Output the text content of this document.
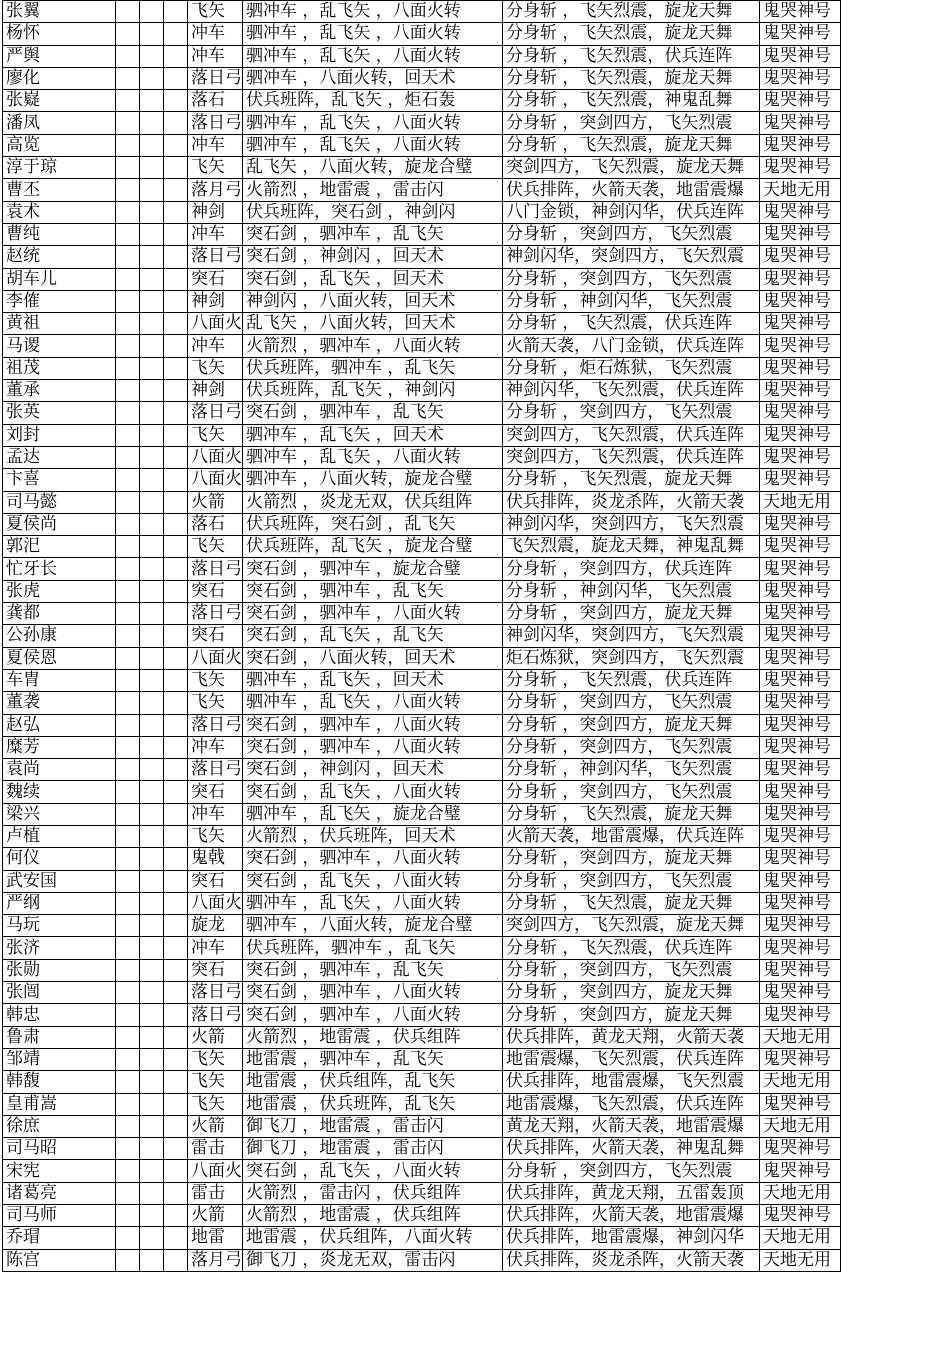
张翼				飞矢	驷冲车 ，乱飞矢 ，八面火转	分身斩 ，飞矢烈震，旋龙天舞	鬼哭神号
杨怀				冲车	驷冲车 ，乱飞矢 ，八面火转	分身斩 ，飞矢烈震，旋龙天舞	鬼哭神号
严舆				冲车	驷冲车 ，乱飞矢 ，八面火转	分身斩 ，飞矢烈震，伏兵连阵	鬼哭神号
廖化				落日弓	驷冲车 ，八面火转，回天术	分身斩 ，飞矢烈震，旋龙天舞	鬼哭神号
张嶷				落石	伏兵班阵，乱飞矢 ，炬石轰	分身斩 ，飞矢烈震，神鬼乱舞	鬼哭神号
潘凤				落日弓	驷冲车 ，乱飞矢 ，八面火转	分身斩 ，突剑四方，飞矢烈震	鬼哭神号
高览				冲车	驷冲车 ，乱飞矢 ，八面火转	分身斩 ，飞矢烈震，旋龙天舞	鬼哭神号
淳于琼				飞矢	乱飞矢 ，八面火转，旋龙合璧	突剑四方，飞矢烈震，旋龙天舞	鬼哭神号
曹丕				落月弓	火箭烈 ，地雷震 ，雷击闪	伏兵排阵，火箭天袭，地雷震爆	天地无用
袁术				神剑	伏兵班阵，突石剑 ，神剑闪	八门金锁，神剑闪华，伏兵连阵	鬼哭神号
曹纯				冲车	突石剑 ，驷冲车 ，乱飞矢	分身斩 ，突剑四方，飞矢烈震	鬼哭神号
赵统				落日弓	突石剑 ，神剑闪 ，回天术	神剑闪华，突剑四方，飞矢烈震	鬼哭神号
胡车儿				突石	突石剑 ，乱飞矢 ，回天术	分身斩 ，突剑四方，飞矢烈震	鬼哭神号
李傕				神剑	神剑闪 ，八面火转，回天术	分身斩 ，神剑闪华，飞矢烈震	鬼哭神号
黄祖				八面火	乱飞矢 ，八面火转，回天术	分身斩 ，飞矢烈震，伏兵连阵	鬼哭神号
马谡				冲车	火箭烈 ，驷冲车 ，八面火转	火箭天袭，八门金锁，伏兵连阵	鬼哭神号
祖茂				飞矢	伏兵班阵，驷冲车 ，乱飞矢	分身斩 ，炬石炼狱，飞矢烈震	鬼哭神号
董承				神剑	伏兵班阵，乱飞矢 ，神剑闪	神剑闪华，飞矢烈震，伏兵连阵	鬼哭神号
张英				落日弓	突石剑 ，驷冲车 ，乱飞矢	分身斩 ，突剑四方，飞矢烈震	鬼哭神号
刘封				飞矢	驷冲车 ，乱飞矢 ，回天术	突剑四方，飞矢烈震，伏兵连阵	鬼哭神号
孟达				八面火	驷冲车 ，乱飞矢 ，八面火转	突剑四方，飞矢烈震，伏兵连阵	鬼哭神号
卞喜				八面火	驷冲车 ，八面火转，旋龙合璧	分身斩 ，飞矢烈震，旋龙天舞	鬼哭神号
司马懿				火箭	火箭烈 ，炎龙无双，伏兵组阵	伏兵排阵，炎龙杀阵，火箭天袭	天地无用
夏侯尚				落石	伏兵班阵，突石剑 ，乱飞矢	神剑闪华，突剑四方，飞矢烈震	鬼哭神号
郭汜				飞矢	伏兵班阵，乱飞矢 ，旋龙合璧	飞矢烈震，旋龙天舞，神鬼乱舞	鬼哭神号
忙牙长				落日弓	突石剑 ，驷冲车 ，旋龙合璧	分身斩 ，突剑四方，伏兵连阵	鬼哭神号
张虎				突石	突石剑 ，驷冲车 ，乱飞矢	分身斩 ，神剑闪华，飞矢烈震	鬼哭神号
龚都				落日弓	突石剑 ，驷冲车 ，八面火转	分身斩 ，突剑四方，旋龙天舞	鬼哭神号
公孙康				突石	突石剑 ，乱飞矢 ，乱飞矢	神剑闪华，突剑四方，飞矢烈震	鬼哭神号
夏侯恩				八面火	突石剑 ，八面火转，回天术	炬石炼狱，突剑四方，飞矢烈震	鬼哭神号
车胄				飞矢	驷冲车 ，乱飞矢 ，回天术	分身斩 ，飞矢烈震，伏兵连阵	鬼哭神号
董袭				飞矢	驷冲车 ，乱飞矢 ，八面火转	分身斩 ，突剑四方，飞矢烈震	鬼哭神号
赵弘				落日弓	突石剑 ，驷冲车 ，八面火转	分身斩 ，突剑四方，旋龙天舞	鬼哭神号
糜芳				冲车	突石剑 ，驷冲车 ，八面火转	分身斩 ，突剑四方，飞矢烈震	鬼哭神号
袁尚				落日弓	突石剑 ，神剑闪 ，回天术	分身斩 ，神剑闪华，飞矢烈震	鬼哭神号
魏续				突石	突石剑 ，乱飞矢 ，八面火转	分身斩 ，突剑四方，飞矢烈震	鬼哭神号
梁兴				冲车	驷冲车 ，乱飞矢 ，旋龙合璧	分身斩 ，飞矢烈震，旋龙天舞	鬼哭神号
卢植				飞矢	火箭烈 ，伏兵班阵，回天术	火箭天袭，地雷震爆，伏兵连阵	鬼哭神号
何仪				鬼戟	突石剑 ，驷冲车 ，八面火转	分身斩 ，突剑四方，旋龙天舞	鬼哭神号
武安国				突石	突石剑 ，乱飞矢 ，八面火转	分身斩 ，突剑四方，飞矢烈震	鬼哭神号
严纲				八面火	驷冲车 ，乱飞矢 ，八面火转	分身斩 ，飞矢烈震，旋龙天舞	鬼哭神号
马玩				旋龙	驷冲车 ，八面火转，旋龙合璧	突剑四方，飞矢烈震，旋龙天舞	鬼哭神号
张济				冲车	伏兵班阵，驷冲车 ，乱飞矢	分身斩 ，飞矢烈震，伏兵连阵	鬼哭神号
张勋				突石	突石剑 ，驷冲车 ，乱飞矢	分身斩 ，突剑四方，飞矢烈震	鬼哭神号
张闿				落日弓	突石剑 ，驷冲车 ，八面火转	分身斩 ，突剑四方，旋龙天舞	鬼哭神号
韩忠				落日弓	突石剑 ，驷冲车 ，八面火转	分身斩 ，突剑四方，旋龙天舞	鬼哭神号
鲁肃				火箭	火箭烈 ，地雷震 ，伏兵组阵	伏兵排阵，黄龙天翔，火箭天袭	天地无用
邹靖				飞矢	地雷震 ，驷冲车 ，乱飞矢	地雷震爆，飞矢烈震，伏兵连阵	鬼哭神号
韩馥				飞矢	地雷震 ，伏兵组阵，乱飞矢	伏兵排阵，地雷震爆，飞矢烈震	天地无用
皇甫嵩				飞矢	地雷震 ，伏兵班阵，乱飞矢	地雷震爆，飞矢烈震，伏兵连阵	鬼哭神号
徐庶				火箭	御飞刀 ，地雷震 ，雷击闪	黄龙天翔，火箭天袭，地雷震爆	天地无用
司马昭				雷击	御飞刀 ，地雷震 ，雷击闪	伏兵排阵，火箭天袭，神鬼乱舞	鬼哭神号
宋宪				八面火	突石剑 ，乱飞矢 ，八面火转	分身斩 ，突剑四方，飞矢烈震	鬼哭神号
诸葛亮				雷击	火箭烈 ，雷击闪 ，伏兵组阵	伏兵排阵，黄龙天翔，五雷轰顶	天地无用
司马师				火箭	火箭烈 ，地雷震 ，伏兵组阵	伏兵排阵，火箭天袭，地雷震爆	鬼哭神号
乔瑁				地雷	地雷震 ，伏兵组阵，八面火转	伏兵排阵，地雷震爆，神剑闪华	天地无用
陈宫				落月弓	御飞刀 ，炎龙无双，雷击闪	伏兵排阵，炎龙杀阵，火箭天袭	天地无用
